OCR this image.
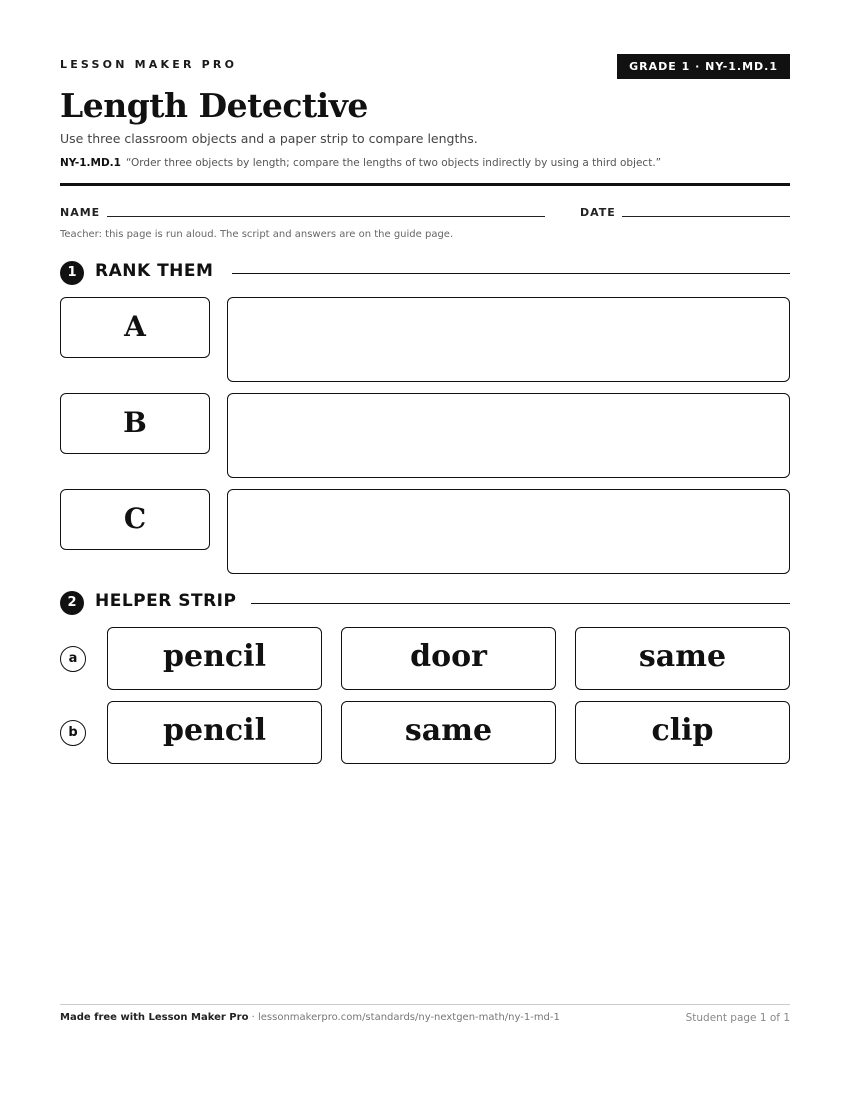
LESSON MAKER PRO	GRADE 1 · NY-1.MD.1
Length Detective
Use three classroom objects and a paper strip to compare lengths.
NY-1.MD.1 “Order three objects by length; compare the lengths of two objects indirectly by using a third object.”
NAME	DATE
Teacher: this page is run aloud. The script and answers are on the guide page.
1	RANK THEM
A
B
C
2	HELPER STRIP
a	pencil	door	same
b	pencil	same	clip
Made free with Lesson Maker Pro · lessonmakerpro.com/standards/ny-nextgen-math/ny-1-md-1	Student page 1 of 1
